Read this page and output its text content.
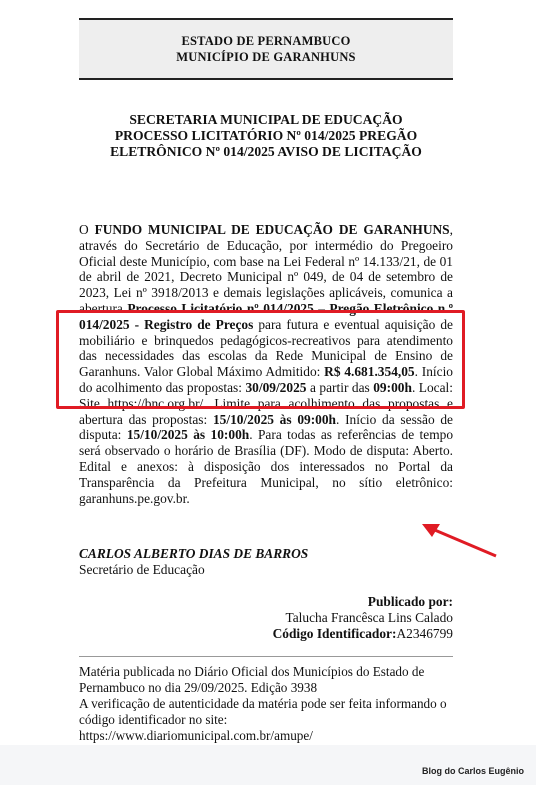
ESTADO DE PERNAMBUCO
MUNICÍPIO DE GARANHUNS
SECRETARIA MUNICIPAL DE EDUCAÇÃO
PROCESSO LICITATÓRIO Nº 014/2025 PREGÃO
ELETRÔNICO Nº 014/2025 AVISO DE LICITAÇÃO
O FUNDO MUNICIPAL DE EDUCAÇÃO DE GARANHUNS, através do Secretário de Educação, por intermédio do Pregoeiro Oficial deste Município, com base na Lei Federal nº 14.133/21, de 01 de abril de 2021, Decreto Municipal nº 049, de 04 de setembro de 2023, Lei nº 3918/2013 e demais legislações aplicáveis, comunica a abertura Processo Licitatório nº 014/2025 – Pregão Eletrônico n.º 014/2025 - Registro de Preços para futura e eventual aquisição de mobiliário e brinquedos pedagógicos-recreativos para atendimento das necessidades das escolas da Rede Municipal de Ensino de Garanhuns. Valor Global Máximo Admitido: R$ 4.681.354,05. Início do acolhimento das propostas: 30/09/2025 a partir das 09:00h. Local: Site https://bnc.org.br/. Limite para acolhimento das propostas e abertura das propostas: 15/10/2025 às 09:00h. Início da sessão de disputa: 15/10/2025 às 10:00h. Para todas as referências de tempo será observado o horário de Brasília (DF). Modo de disputa: Aberto. Edital e anexos: à disposição dos interessados no Portal da Transparência da Prefeitura Municipal, no sítio eletrônico: garanhuns.pe.gov.br.
CARLOS ALBERTO DIAS DE BARROS
Secretário de Educação
Publicado por:
Talucha Francêsca Lins Calado
Código Identificador:A2346799
Matéria publicada no Diário Oficial dos Municípios do Estado de Pernambuco no dia 29/09/2025. Edição 3938
A verificação de autenticidade da matéria pode ser feita informando o código identificador no site:
https://www.diariomunicipal.com.br/amupe/
Blog do Carlos Eugênio
